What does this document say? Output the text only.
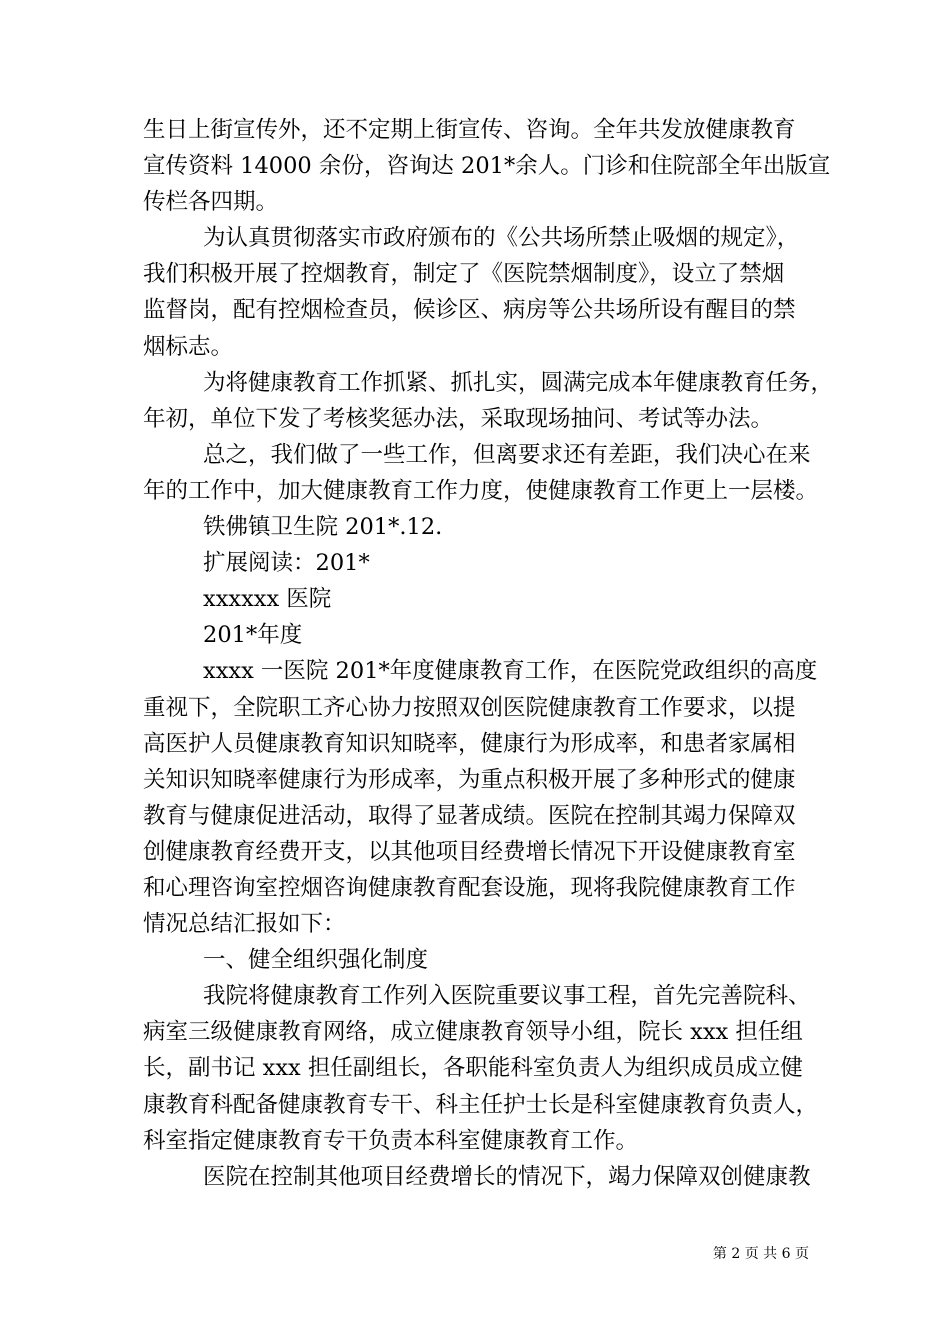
生日上街宣传外，还不定期上街宣传、咨询。全年共发放健康教育
宣传资料 14000 余份，咨询达 201*余人。门诊和住院部全年出版宣
传栏各四期。
为认真贯彻落实市政府颁布的《公共场所禁止吸烟的规定》，
我们积极开展了控烟教育，制定了《医院禁烟制度》，设立了禁烟
监督岗，配有控烟检查员，候诊区、病房等公共场所设有醒目的禁
烟标志。
为将健康教育工作抓紧、抓扎实，圆满完成本年健康教育任务，
年初，单位下发了考核奖惩办法，采取现场抽问、考试等办法。
总之，我们做了一些工作，但离要求还有差距，我们决心在来
年的工作中，加大健康教育工作力度，使健康教育工作更上一层楼。
铁佛镇卫生院 201*.12.
扩展阅读：201*
xxxxxx 医院
201*年度
xxxx 一医院 201*年度健康教育工作，在医院党政组织的高度
重视下，全院职工齐心协力按照双创医院健康教育工作要求，以提
高医护人员健康教育知识知晓率，健康行为形成率，和患者家属相
关知识知晓率健康行为形成率，为重点积极开展了多种形式的健康
教育与健康促进活动，取得了显著成绩。医院在控制其竭力保障双
创健康教育经费开支，以其他项目经费增长情况下开设健康教育室
和心理咨询室控烟咨询健康教育配套设施，现将我院健康教育工作
情况总结汇报如下：
一、健全组织强化制度
我院将健康教育工作列入医院重要议事工程，首先完善院科、
病室三级健康教育网络，成立健康教育领导小组，院长 xxx 担任组
长，副书记 xxx 担任副组长，各职能科室负责人为组织成员成立健
康教育科配备健康教育专干、科主任护士长是科室健康教育负责人，
科室指定健康教育专干负责本科室健康教育工作。
医院在控制其他项目经费增长的情况下，竭力保障双创健康教
第 2 页 共 6 页
